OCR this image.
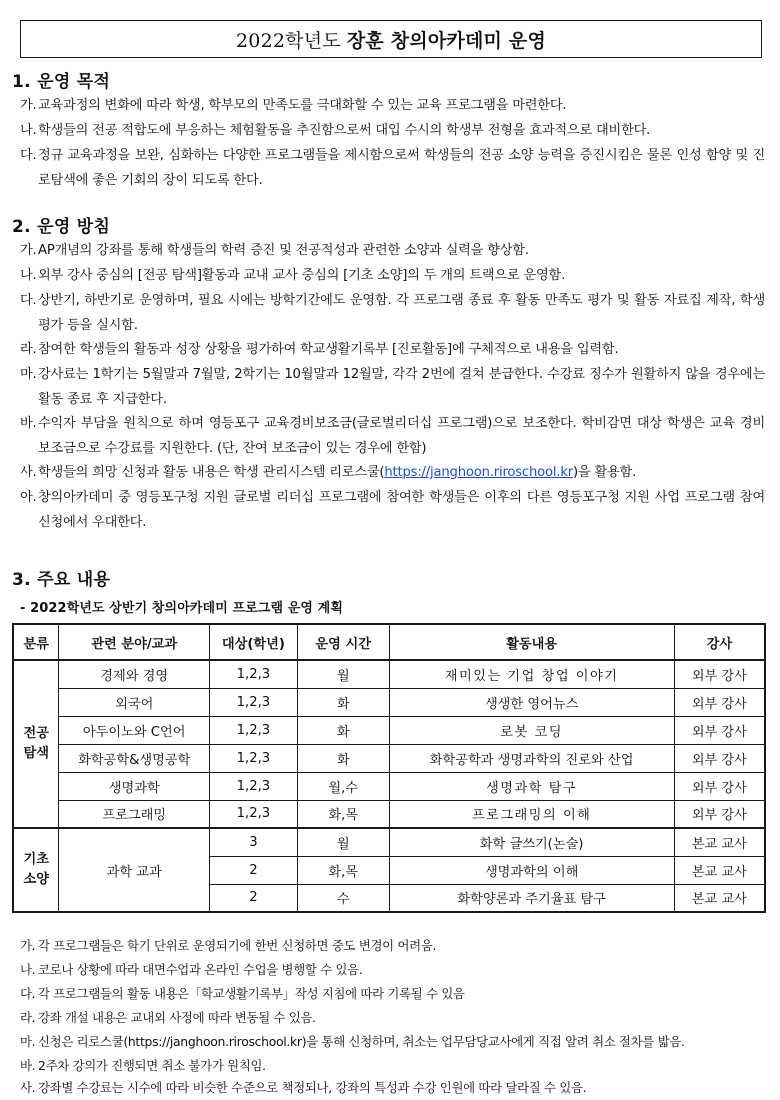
2022학년도 장훈 창의아카데미 운영
1. 운영 목적
가. 교육과정의 변화에 따라 학생, 학부모의 만족도를 극대화할 수 있는 교육 프로그램을 마련한다.
나. 학생들의 전공 적합도에 부응하는 체험활동을 추진함으로써 대입 수시의 학생부 전형을 효과적으로 대비한다.
다. 정규 교육과정을 보완, 심화하는 다양한 프로그램들을 제시함으로써 학생들의 전공 소양 능력을 증진시킴은 물론 인성 함양 및 진로탐색에 좋은 기회의 장이 되도록 한다.
2. 운영 방침
가. AP개념의 강좌를 통해 학생들의 학력 증진 및 전공적성과 관련한 소양과 실력을 향상함.
나. 외부 강사 중심의 [전공 탐색]활동과 교내 교사 중심의 [기초 소양]의 두 개의 트랙으로 운영함.
다. 상반기, 하반기로 운영하며, 필요 시에는 방학기간에도 운영함. 각 프로그램 종료 후 활동 만족도 평가 및 활동 자료집 제작, 학생 평가 등을 실시함.
라. 참여한 학생들의 활동과 성장 상황을 평가하여 학교생활기록부 [진로활동]에 구체적으로 내용을 입력함.
마. 강사료는 1학기는 5월말과 7월말, 2학기는 10월말과 12월말, 각각 2번에 걸쳐 분급한다. 수강료 징수가 원활하지 않을 경우에는 활동 종료 후 지급한다.
바. 수익자 부담을 원칙으로 하며 영등포구 교육경비보조금(글로벌리더십 프로그램)으로 보조한다. 학비감면 대상 학생은 교육 경비 보조금으로 수강료를 지원한다. (단, 잔여 보조금이 있는 경우에 한함)
사. 학생들의 희망 신청과 활동 내용은 학생 관리시스템 리로스쿨(https://janghoon.riroschool.kr)을 활용함.
아. 창의아카데미 중 영등포구청 지원 글로벌 리더십 프로그램에 참여한 학생들은 이후의 다른 영등포구청 지원 사업 프로그램 참여 신청에서 우대한다.
3. 주요 내용
- 2022학년도 상반기 창의아카데미 프로그램 운영 계획
분류	관련 분야/교과	대상(학년)	운영 시간	활동내용	강사
전공 탐색	경제와 경영	1,2,3	월	재미있는 기업 창업 이야기	외부 강사
	외국어	1,2,3	화	생생한 영어뉴스	외부 강사
	아두이노와 C언어	1,2,3	화	로봇 코딩	외부 강사
	화학공학&생명공학	1,2,3	화	화학공학과 생명과학의 진로와 산업	외부 강사
	생명과학	1,2,3	월,수	생명과학 탐구	외부 강사
	프로그래밍	1,2,3	화,목	프로그래밍의 이해	외부 강사
기초 소양	과학 교과	3	월	화학 글쓰기(논술)	본교 교사
		2	화,목	생명과학의 이해	본교 교사
		2	수	화학양론과 주기율표 탐구	본교 교사
가. 각 프로그램들은 학기 단위로 운영되기에 한번 신청하면 중도 변경이 어려움.
나. 코로나 상황에 따라 대면수업과 온라인 수업을 병행할 수 있음.
다. 각 프로그램들의 활동 내용은「학교생활기록부」작성 지침에 따라 기록될 수 있음
라. 강좌 개설 내용은 교내외 사정에 따라 변동될 수 있음.
마. 신청은 리로스쿨(https://janghoon.riroschool.kr)을 통해 신청하며, 취소는 업무담당교사에게 직접 알려 취소 절차를 밟음.
바. 2주차 강의가 진행되면 취소 불가가 원칙임.
사. 강좌별 수강료는 시수에 따라 비슷한 수준으로 책정되나, 강좌의 특성과 수강 인원에 따라 달라질 수 있음.
